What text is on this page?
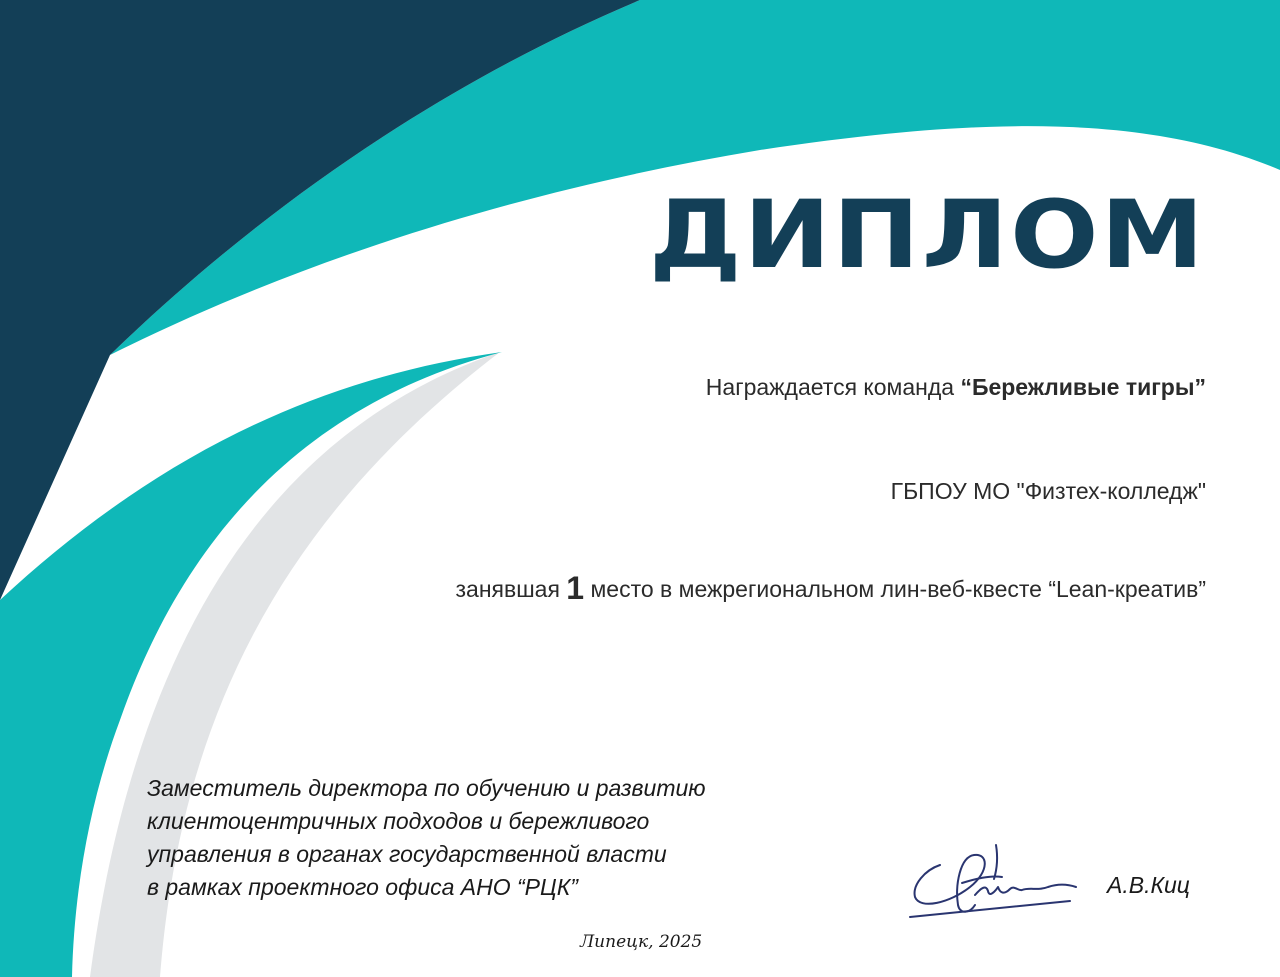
ДИПЛОМ
Награждается команда “Бережливые тигры”
ГБПОУ МО "Физтех-колледж"
занявшая 1 место в межрегиональном лин-веб-квесте “Lean-креатив”
Заместитель директора по обучению и развитию
клиентоцентричных подходов и бережливого
управления в органах государственной власти
в рамках проектного офиса АНО “РЦК”	А.В.Киц
Липецк, 2025
